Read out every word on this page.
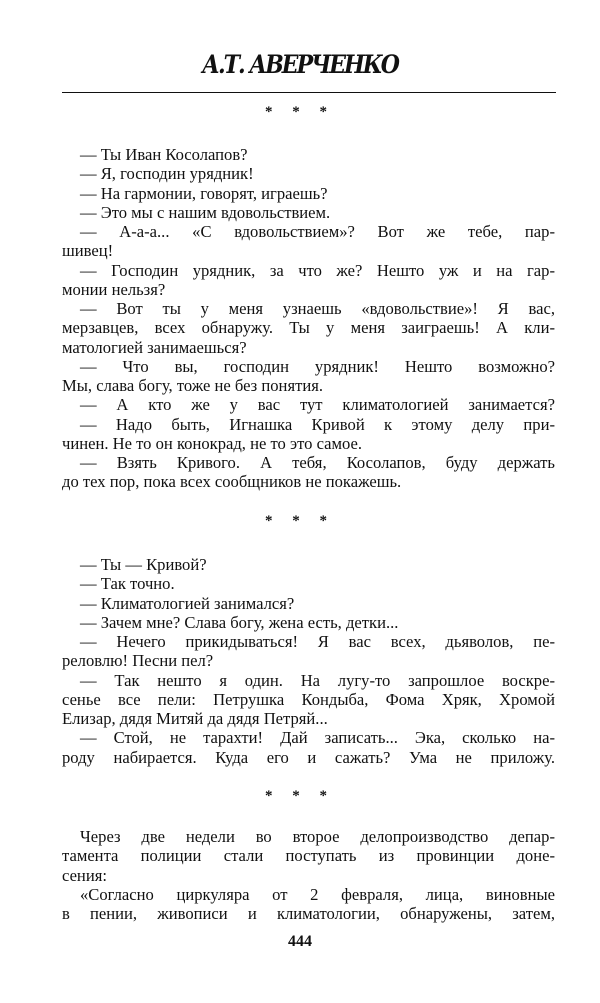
А.Т. АВЕРЧЕНКО
* * *
— Ты Иван Косолапов?
— Я, господин урядник!
— На гармонии, говорят, играешь?
— Это мы с нашим вдовольствием.
— А-а-а... «С вдовольствием»? Вот же тебе, пар-
шивец!
— Господин урядник, за что же? Нешто уж и на гар-
монии нельзя?
— Вот ты у меня узнаешь «вдовольствие»! Я вас,
мерзавцев, всех обнаружу. Ты у меня заиграешь! А кли-
матологией занимаешься?
— Что вы, господин урядник! Нешто возможно?
Мы, слава богу, тоже не без понятия.
— А кто же у вас тут климатологией занимается?
— Надо быть, Игнашка Кривой к этому делу при-
чинен. Не то он конокрад, не то это самое.
— Взять Кривого. А тебя, Косолапов, буду держать
до тех пор, пока всех сообщников не покажешь.
* * *
— Ты — Кривой?
— Так точно.
— Климатологией занимался?
— Зачем мне? Слава богу, жена есть, детки...
— Нечего прикидываться! Я вас всех, дьяволов, пе-
реловлю! Песни пел?
— Так нешто я один. На лугу-то запрошлое воскре-
сенье все пели: Петрушка Кондыба, Фома Хряк, Хромой
Елизар, дядя Митяй да дядя Петряй...
— Стой, не тарахти! Дай записать... Эка, сколько на-
роду набирается. Куда его и сажать? Ума не приложу.
* * *
Через две недели во второе делопроизводство депар-
тамента полиции стали поступать из провинции доне-
сения:
«Согласно циркуляра от 2 февраля, лица, виновные
в пении, живописи и климатологии, обнаружены, затем,
444
